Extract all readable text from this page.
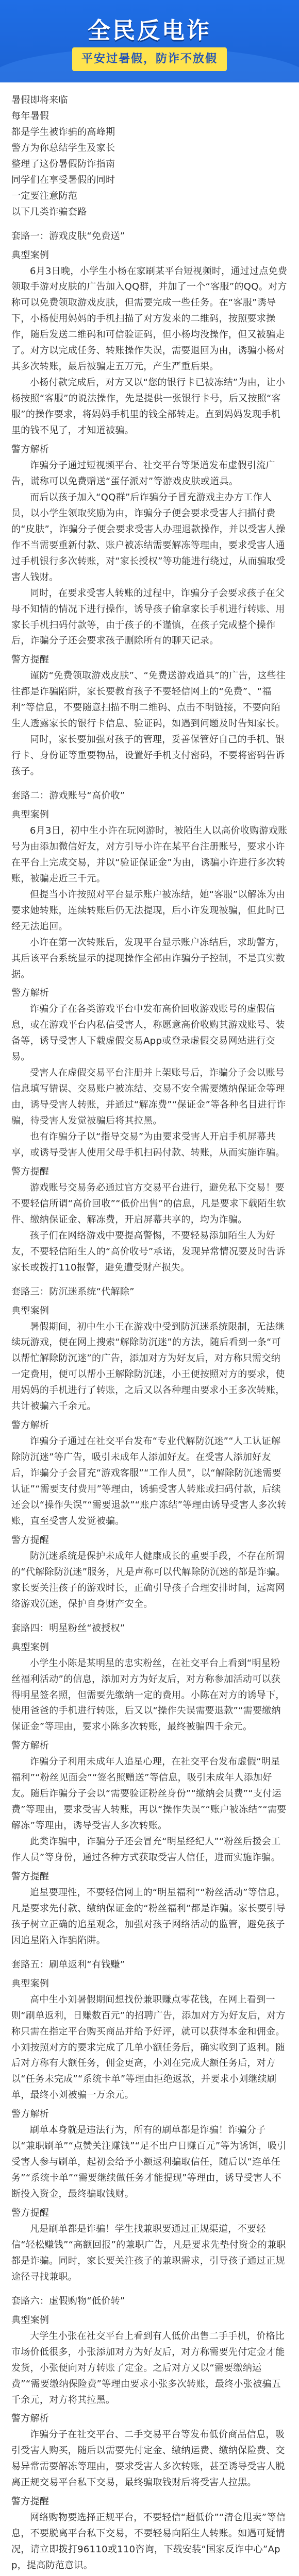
全民反电诈
平安过暑假，防诈不放假

暑假即将来临

每年暑假

都是学生被诈骗的高峰期

警方为你总结学生及家长

整理了这份暑假防诈指南

同学们在享受暑假的同时

一定要注意防范

以下几类诈骗套路

套路一：游戏皮肤“免费送”

典型案例

6月3日晚，小学生小杨在家刷某平台短视频时，通过过点免费领取手游对皮肤的广告加入QQ群，并加了一个“客服”的QQ。对方称可以免费领取游戏皮肤，但需要完成一些任务。在“客服”诱导下，小杨使用妈妈的手机扫描了对方发来的二维码，按照要求操作，随后发送二维码和可信验证码，但小杨均没操作，但又被骗走了。对方以完成任务、转账操作失误，需要退回为由，诱骗小杨对其多次转账，最后被骗走五万元，产生严重后果。

小杨付款完成后，对方又以“您的银行卡已被冻结”为由，让小杨按照“客服”的说法操作，先是提供一张银行卡号，后又按照“客服”的操作要求，将妈妈手机里的钱全部转走。直到妈妈发现手机里的钱不见了，才知道被骗。

警方解析

诈骗分子通过短视频平台、社交平台等渠道发布虚假引流广告，谎称可以免费赠送“蛋仔派对”等游戏皮肤或道具。

而后以孩子加入“QQ群”后诈骗分子冒充游戏主办方工作人员，以小学生领取奖励为由，诈骗分子便会要求受害人扫描付费的“皮肤”，诈骗分子便会要求受害人办理退款操作，并以受害人操作不当需要重新付款、账户被冻结需要解冻等理由，要求受害人通过手机银行多次转账，对“家长授权”等功能进行绕过，从而骗取受害人钱财。

同时，在要求受害人转账的过程中，诈骗分子会要求孩子在父母不知情的情况下进行操作，诱导孩子偷拿家长手机进行转账、用家长手机扫码付款等，由于孩子的不谨慎，在孩子完成整个操作后，诈骗分子还会要求孩子删除所有的聊天记录。

警方提醒

谨防“免费领取游戏皮肤”、“免费送游戏道具”的广告，这些往往都是诈骗陷阱，家长要教育孩子不要轻信网上的“免费”、“福利”等信息，不要随意扫描不明二维码、点击不明链接，不要向陌生人透露家长的银行卡信息、验证码，如遇到问题及时告知家长。

同时，家长要加强对孩子的管理，妥善保管好自己的手机、银行卡、身份证等重要物品，设置好手机支付密码，不要将密码告诉孩子。

套路二：游戏账号“高价收”

典型案例

6月3日，初中生小许在玩网游时，被陌生人以高价收购游戏账号为由添加微信好友，对方引导小许在某平台注册账号，要求小许在平台上完成交易，并以“验证保证金”为由，诱骗小许进行多次转账，被骗走近三千元。

但提当小许按照对平台显示账户被冻结，她“客服”以解冻为由要求她转账，连续转账后仍无法提现，后小许发现被骗，但此时已经无法追回。

小许在第一次转账后，发现平台显示账户冻结后，求助警方，其后该平台系统显示的提现操作全部由诈骗分子控制，不是真实数据。

警方解析

诈骗分子在各类游戏平台中发布高价回收游戏账号的虚假信息，或在游戏平台内私信受害人，称愿意高价收购其游戏账号、装备等，诱导受害人下载虚假交易App或登录虚假交易网站进行交易。

受害人在虚假交易平台注册并上架账号后，诈骗分子会以账号信息填写错误、交易账户被冻结、交易不安全需要缴纳保证金等理由，诱导受害人转账，并通过“解冻费”“保证金”等各种名目进行诈骗，待受害人发觉被骗后将其拉黑。

也有诈骗分子以“指导交易”为由要求受害人开启手机屏幕共享，或诱导受害人使用父母手机扫码付款、转账，从而实施诈骗。

警方提醒

游戏账号交易务必通过官方交易平台进行，避免私下交易！要不要轻信所谓“高价回收”“低价出售”的信息，凡是要求下载陌生软件、缴纳保证金、解冻费，开启屏幕共享的，均为诈骗。

孩子们在网络游戏中要提高警惕，不要轻易添加陌生人为好友，不要轻信陌生人的“高价收号”承诺，发现异常情况要及时告诉家长或拨打110报警，避免遭受财产损失。

套路三：防沉迷系统“代解除”

典型案例

暑假期间，初中生小王在游戏中受到防沉迷系统限制，无法继续玩游戏，便在网上搜索“解除防沉迷”的方法，随后看到一条“可以帮忙解除防沉迷”的广告，添加对方为好友后，对方称只需交纳一定费用，便可以帮小王解除防沉迷，小王便按照对方的要求，使用妈妈的手机进行了转账，之后又以各种理由要求小王多次转账，共计被骗六千余元。

警方解析

诈骗分子通过在社交平台发布“专业代解防沉迷”“人工认证解除防沉迷”等广告，吸引未成年人添加好友。在受害人添加好友后，诈骗分子会冒充“游戏客服”“工作人员”，以“解除防沉迷需要认证”“需要支付费用”等理由，诱骗受害人转账或扫码付款，后续还会以“操作失误”“需要退款”“账户冻结”等理由诱导受害人多次转账，直至受害人发觉被骗。

警方提醒

防沉迷系统是保护未成年人健康成长的重要手段，不存在所谓的“代解除防沉迷”服务，凡是声称可以代解除防沉迷的都是诈骗。家长要关注孩子的游戏时长，正确引导孩子合理安排时间，远离网络游戏沉迷，保护自身财产安全。

套路四：明星粉丝“被授权”

典型案例

小学生小陈是某明星的忠实粉丝，在社交平台上看到“明星粉丝福利活动”的信息，添加对方为好友后，对方称参加活动可以获得明星签名照，但需要先缴纳一定的费用。小陈在对方的诱导下，使用爸爸的手机进行转账，后又以“操作失误需要退款”“需要缴纳保证金”等理由，要求小陈多次转账，最终被骗四千余元。

警方解析

诈骗分子利用未成年人追星心理，在社交平台发布虚假“明星福利”“粉丝见面会”“签名照赠送”等信息，吸引未成年人添加好友。随后诈骗分子会以“需要验证粉丝身份”“缴纳会员费”“支付运费”等理由，要求受害人转账，再以“操作失误”“账户被冻结”“需要解冻”等理由，诱导受害人多次转账。

此类诈骗中，诈骗分子还会冒充“明星经纪人”“粉丝后援会工作人员”等身份，通过各种方式获取受害人信任，进而实施诈骗。

警方提醒

追星要理性，不要轻信网上的“明星福利”“粉丝活动”等信息，凡是要求先付款、缴纳保证金的“粉丝福利”都是诈骗。家长要引导孩子树立正确的追星观念，加强对孩子网络活动的监管，避免孩子因追星陷入诈骗陷阱。

套路五：刷单返利“有钱赚”

典型案例

高中生小刘暑假期间想找份兼职赚点零花钱，在网上看到一则“刷单返利，日赚数百元”的招聘广告，添加对方为好友后，对方称只需在指定平台购买商品并给予好评，就可以获得本金和佣金。小刘按照对方的要求完成了几单小额任务后，确实收到了返利。随后对方称有大额任务，佣金更高，小刘在完成大额任务后，对方以“任务未完成”“系统卡单”等理由拒绝返款，并要求小刘继续刷单，最终小刘被骗一万余元。

警方解析

刷单本身就是违法行为，所有的刷单都是诈骗！诈骗分子以“兼职刷单”“点赞关注赚钱”“足不出户日赚百元”等为诱饵，吸引受害人参与刷单，起初会给予小额返利骗取信任，随后以“连单任务”“系统卡单”“需要继续做任务才能提现”等理由，诱导受害人不断投入资金，最终骗取钱财。

警方提醒

凡是刷单都是诈骗！学生找兼职要通过正规渠道，不要轻信“轻松赚钱”“高额回报”的兼职广告，凡是要求先垫付资金的兼职都是诈骗。同时，家长要关注孩子的兼职需求，引导孩子通过正规途径寻找兼职。

套路六：虚假购物“低价转”

典型案例

大学生小张在社交平台上看到有人低价出售二手手机，价格比市场价低很多，小张添加对方为好友后，对方称需要先付定金才能发货，小张便向对方转账了定金。之后对方又以“需要缴纳运费”“需要缴纳保险费”等理由要求小张多次转账，最终小张被骗五千余元，对方将其拉黑。

警方解析

诈骗分子在社交平台、二手交易平台等发布低价商品信息，吸引受害人购买，随后以需要先付定金、缴纳运费、缴纳保险费、交易异常需要解冻等理由，要求受害人多次转账，甚至诱导受害人脱离正规交易平台私下交易，最终骗取钱财后将受害人拉黑。

警方提醒

网络购物要选择正规平台，不要轻信“超低价”“清仓甩卖”等信息，不要脱离平台私下交易，不要轻易向陌生人转账。如遇可疑情况，请立即拨打96110或110咨询，下载安装“国家反诈中心”App，提高防范意识。
